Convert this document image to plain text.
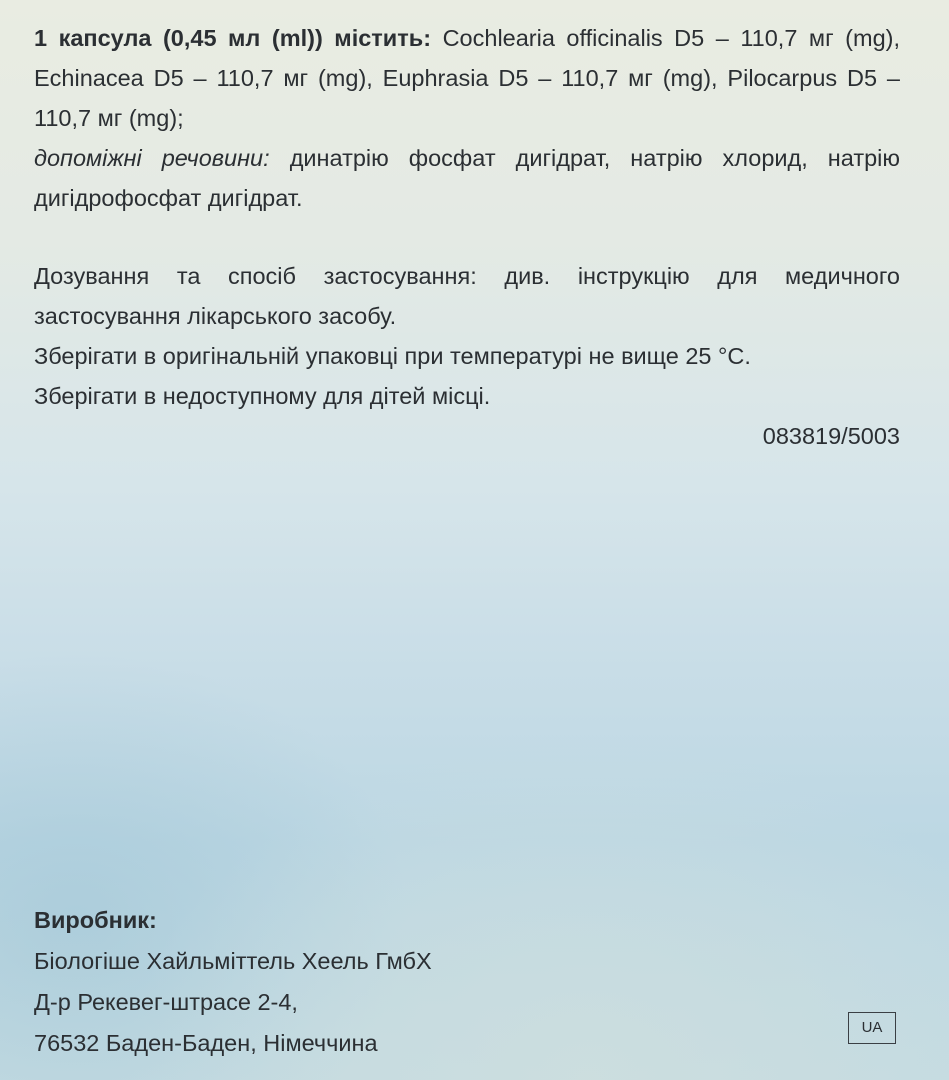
1 капсула (0,45 мл (ml)) містить: Cochlearia officinalis D5 – 110,7 мг (mg), Echinacea D5 – 110,7 мг (mg), Euphrasia D5 – 110,7 мг (mg), Pilocarpus D5 – 110,7 мг (mg);

допоміжні речовини: динатрію фосфат дигідрат, натрію хлорид, натрію дигідрофосфат дигідрат.

Дозування та спосіб застосування: див. інструкцію для медичного застосування лікарського засобу.

Зберігати в оригінальній упаковці при температурі не вище 25 °C.

Зберігати в недоступному для дітей місці.

083819/5003

Виробник:

Біологіше Хайльміттель Хеель ГмбХ

Д-р Рекевег-штрасе 2-4,

76532 Баден-Баден, Німеччина

UA
